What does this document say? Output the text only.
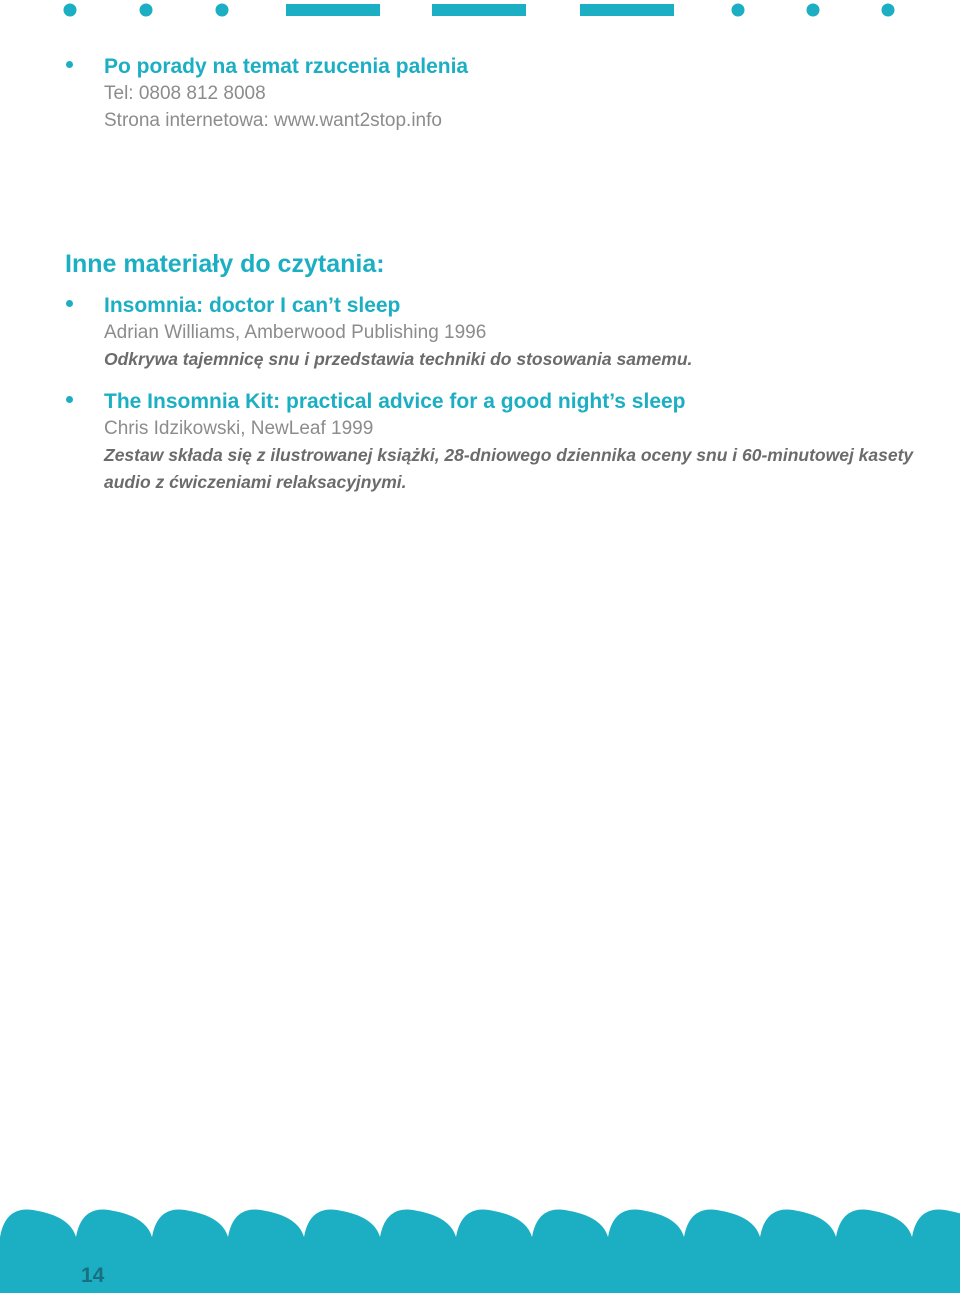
Po porady na temat rzucenia palenia

Tel: 0808 812 8008

Strona internetowa: www.want2stop.info

Inne materiały do czytania:

Insomnia: doctor I can’t sleep

Adrian Williams, Amberwood Publishing 1996

Odkrywa tajemnicę snu i przedstawia techniki do stosowania samemu.

The Insomnia Kit: practical advice for a good night’s sleep

Chris Idzikowski, NewLeaf 1999

Zestaw składa się z ilustrowanej książki, 28-dniowego dziennika oceny snu i 60-minutowej kasety audio z ćwiczeniami relaksacyjnymi.

14
